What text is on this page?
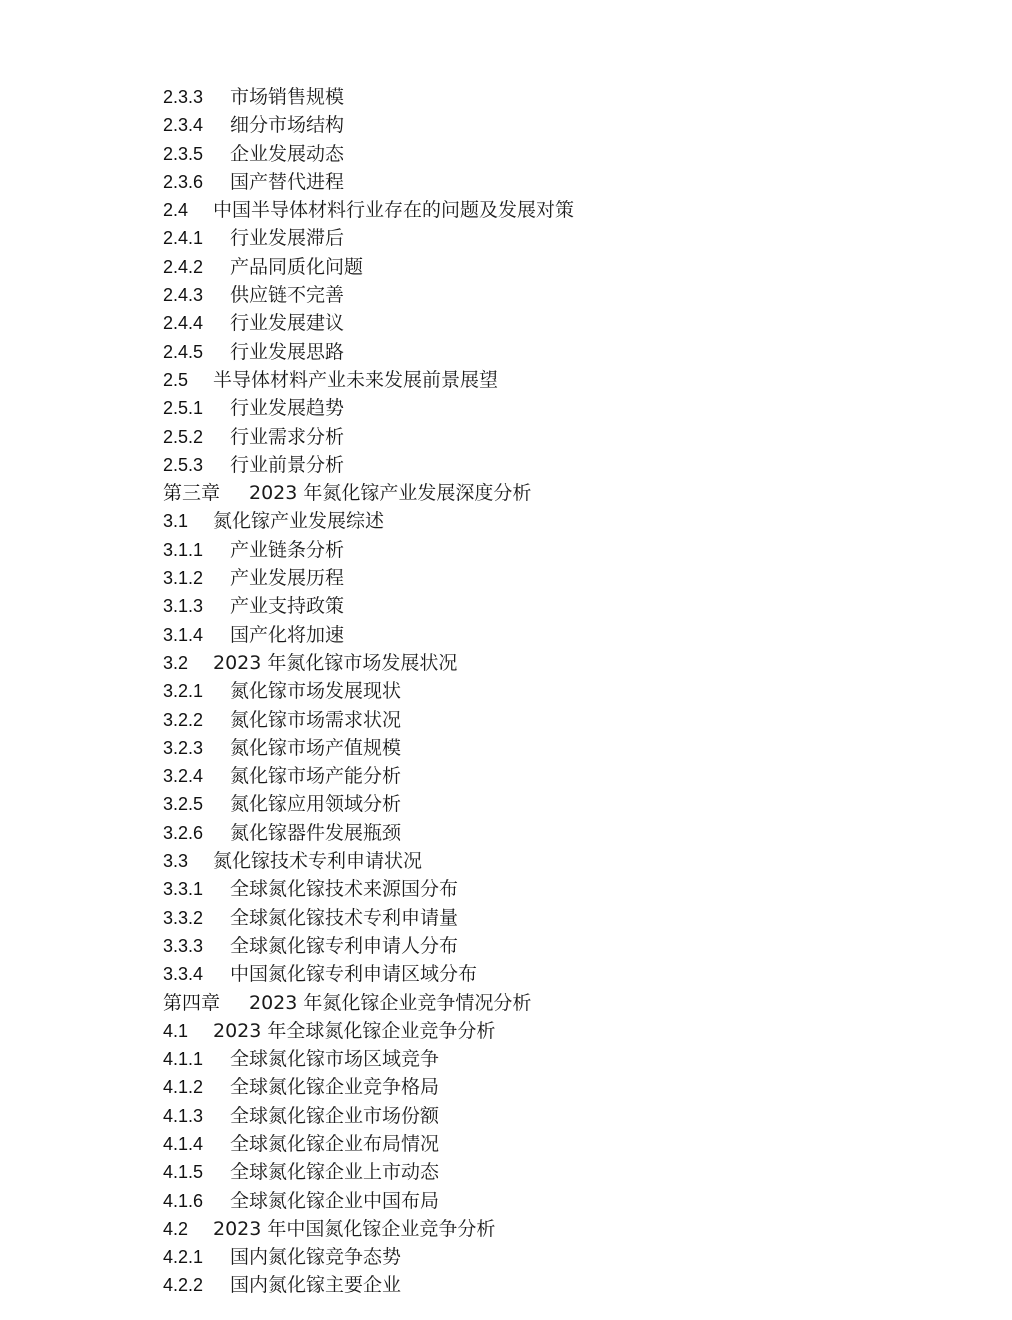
2.3.3 市场销售规模
2.3.4 细分市场结构
2.3.5 企业发展动态
2.3.6 国产替代进程
2.4 中国半导体材料行业存在的问题及发展对策
2.4.1 行业发展滞后
2.4.2 产品同质化问题
2.4.3 供应链不完善
2.4.4 行业发展建议
2.4.5 行业发展思路
2.5 半导体材料产业未来发展前景展望
2.5.1 行业发展趋势
2.5.2 行业需求分析
2.5.3 行业前景分析
第三章 2023 年氮化镓产业发展深度分析
3.1 氮化镓产业发展综述
3.1.1 产业链条分析
3.1.2 产业发展历程
3.1.3 产业支持政策
3.1.4 国产化将加速
3.2 2023 年氮化镓市场发展状况
3.2.1 氮化镓市场发展现状
3.2.2 氮化镓市场需求状况
3.2.3 氮化镓市场产值规模
3.2.4 氮化镓市场产能分析
3.2.5 氮化镓应用领域分析
3.2.6 氮化镓器件发展瓶颈
3.3 氮化镓技术专利申请状况
3.3.1 全球氮化镓技术来源国分布
3.3.2 全球氮化镓技术专利申请量
3.3.3 全球氮化镓专利申请人分布
3.3.4 中国氮化镓专利申请区域分布
第四章 2023 年氮化镓企业竞争情况分析
4.1 2023 年全球氮化镓企业竞争分析
4.1.1 全球氮化镓市场区域竞争
4.1.2 全球氮化镓企业竞争格局
4.1.3 全球氮化镓企业市场份额
4.1.4 全球氮化镓企业布局情况
4.1.5 全球氮化镓企业上市动态
4.1.6 全球氮化镓企业中国布局
4.2 2023 年中国氮化镓企业竞争分析
4.2.1 国内氮化镓竞争态势
4.2.2 国内氮化镓主要企业
